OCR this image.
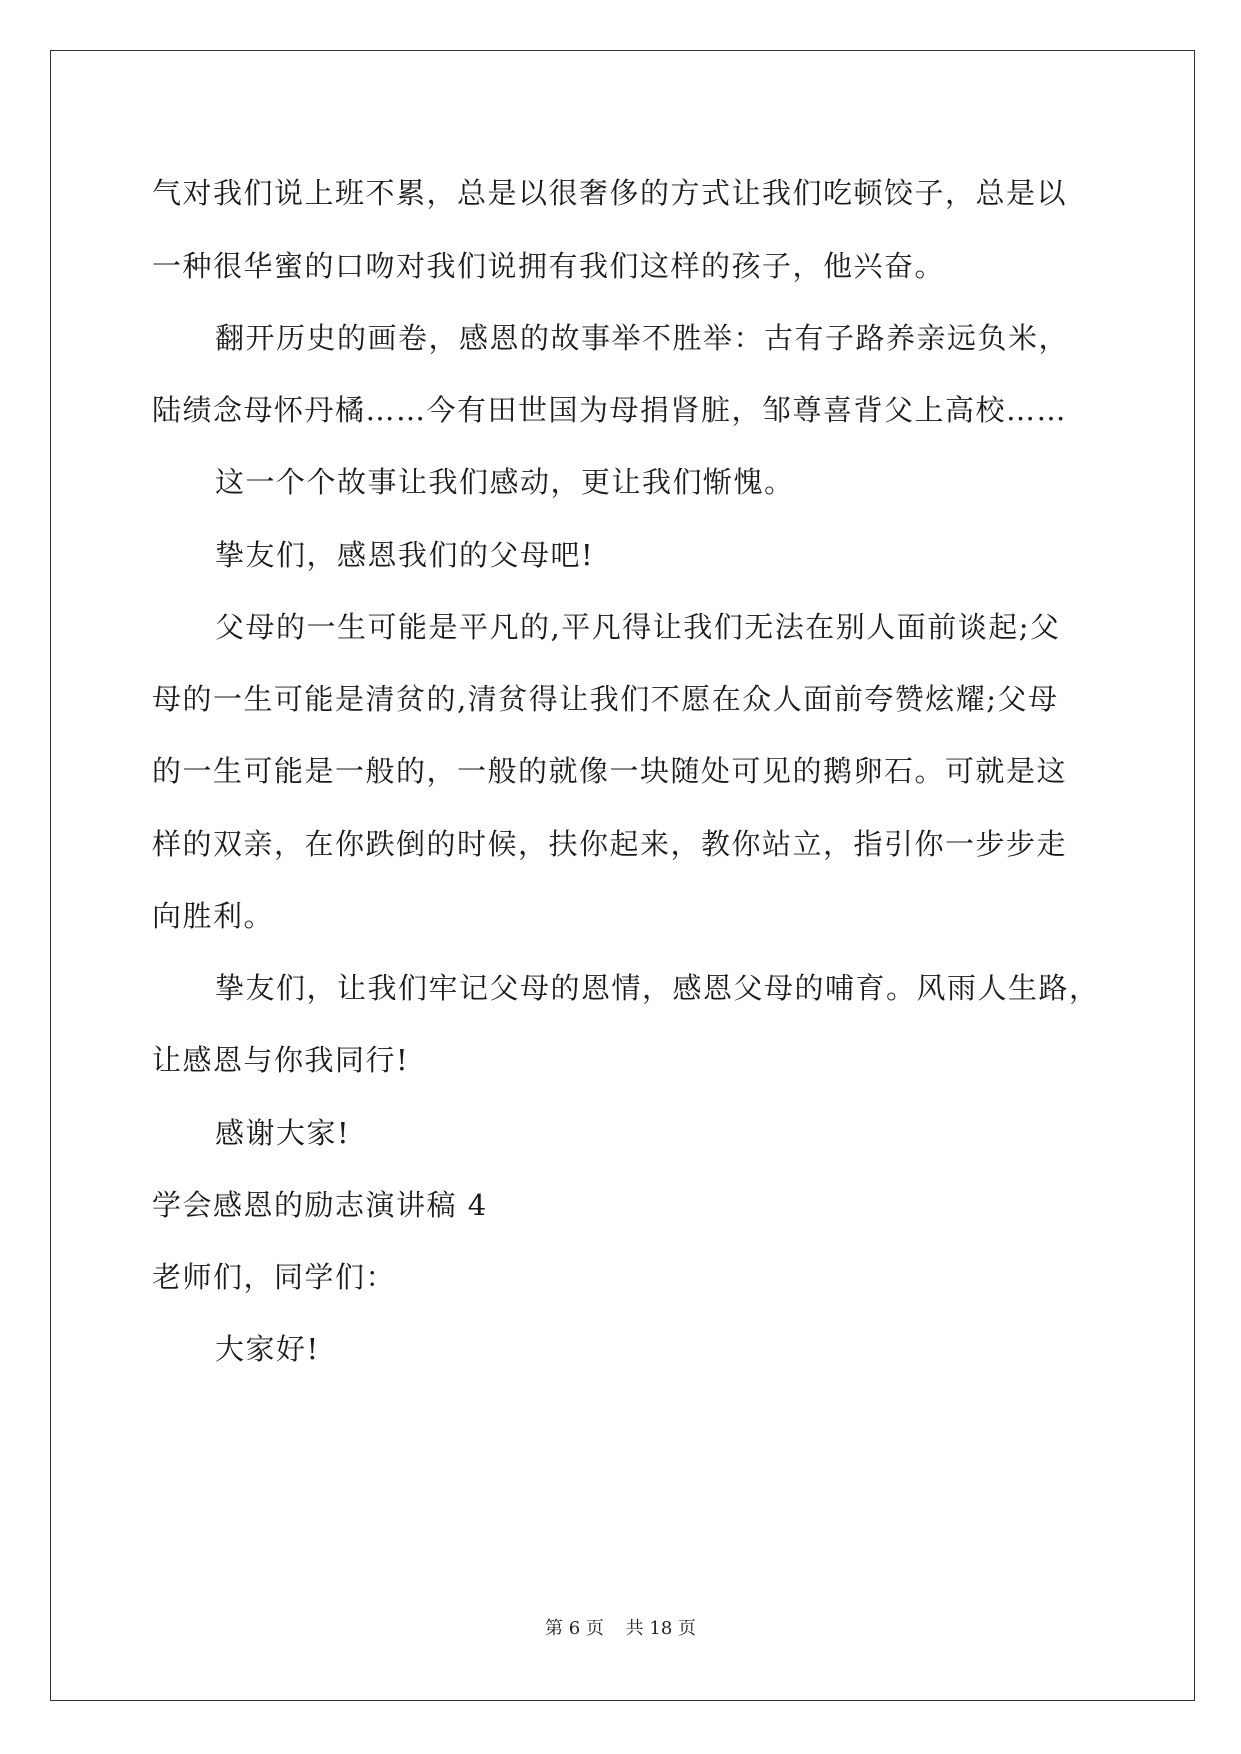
气对我们说上班不累，总是以很奢侈的方式让我们吃顿饺子，总是以
一种很华蜜的口吻对我们说拥有我们这样的孩子，他兴奋。
翻开历史的画卷，感恩的故事举不胜举：古有子路养亲远负米，
陆绩念母怀丹橘……今有田世国为母捐肾脏，邹尊喜背父上高校……
这一个个故事让我们感动，更让我们惭愧。
挚友们，感恩我们的父母吧!
父母的一生可能是平凡的,平凡得让我们无法在别人面前谈起;父
母的一生可能是清贫的,清贫得让我们不愿在众人面前夸赞炫耀;父母
的一生可能是一般的，一般的就像一块随处可见的鹅卵石。可就是这
样的双亲，在你跌倒的时候，扶你起来，教你站立，指引你一步步走
向胜利。
挚友们，让我们牢记父母的恩情，感恩父母的哺育。风雨人生路，
让感恩与你我同行!
感谢大家!
学会感恩的励志演讲稿 4
老师们，同学们：
大家好!
第 6 页 共 18 页
